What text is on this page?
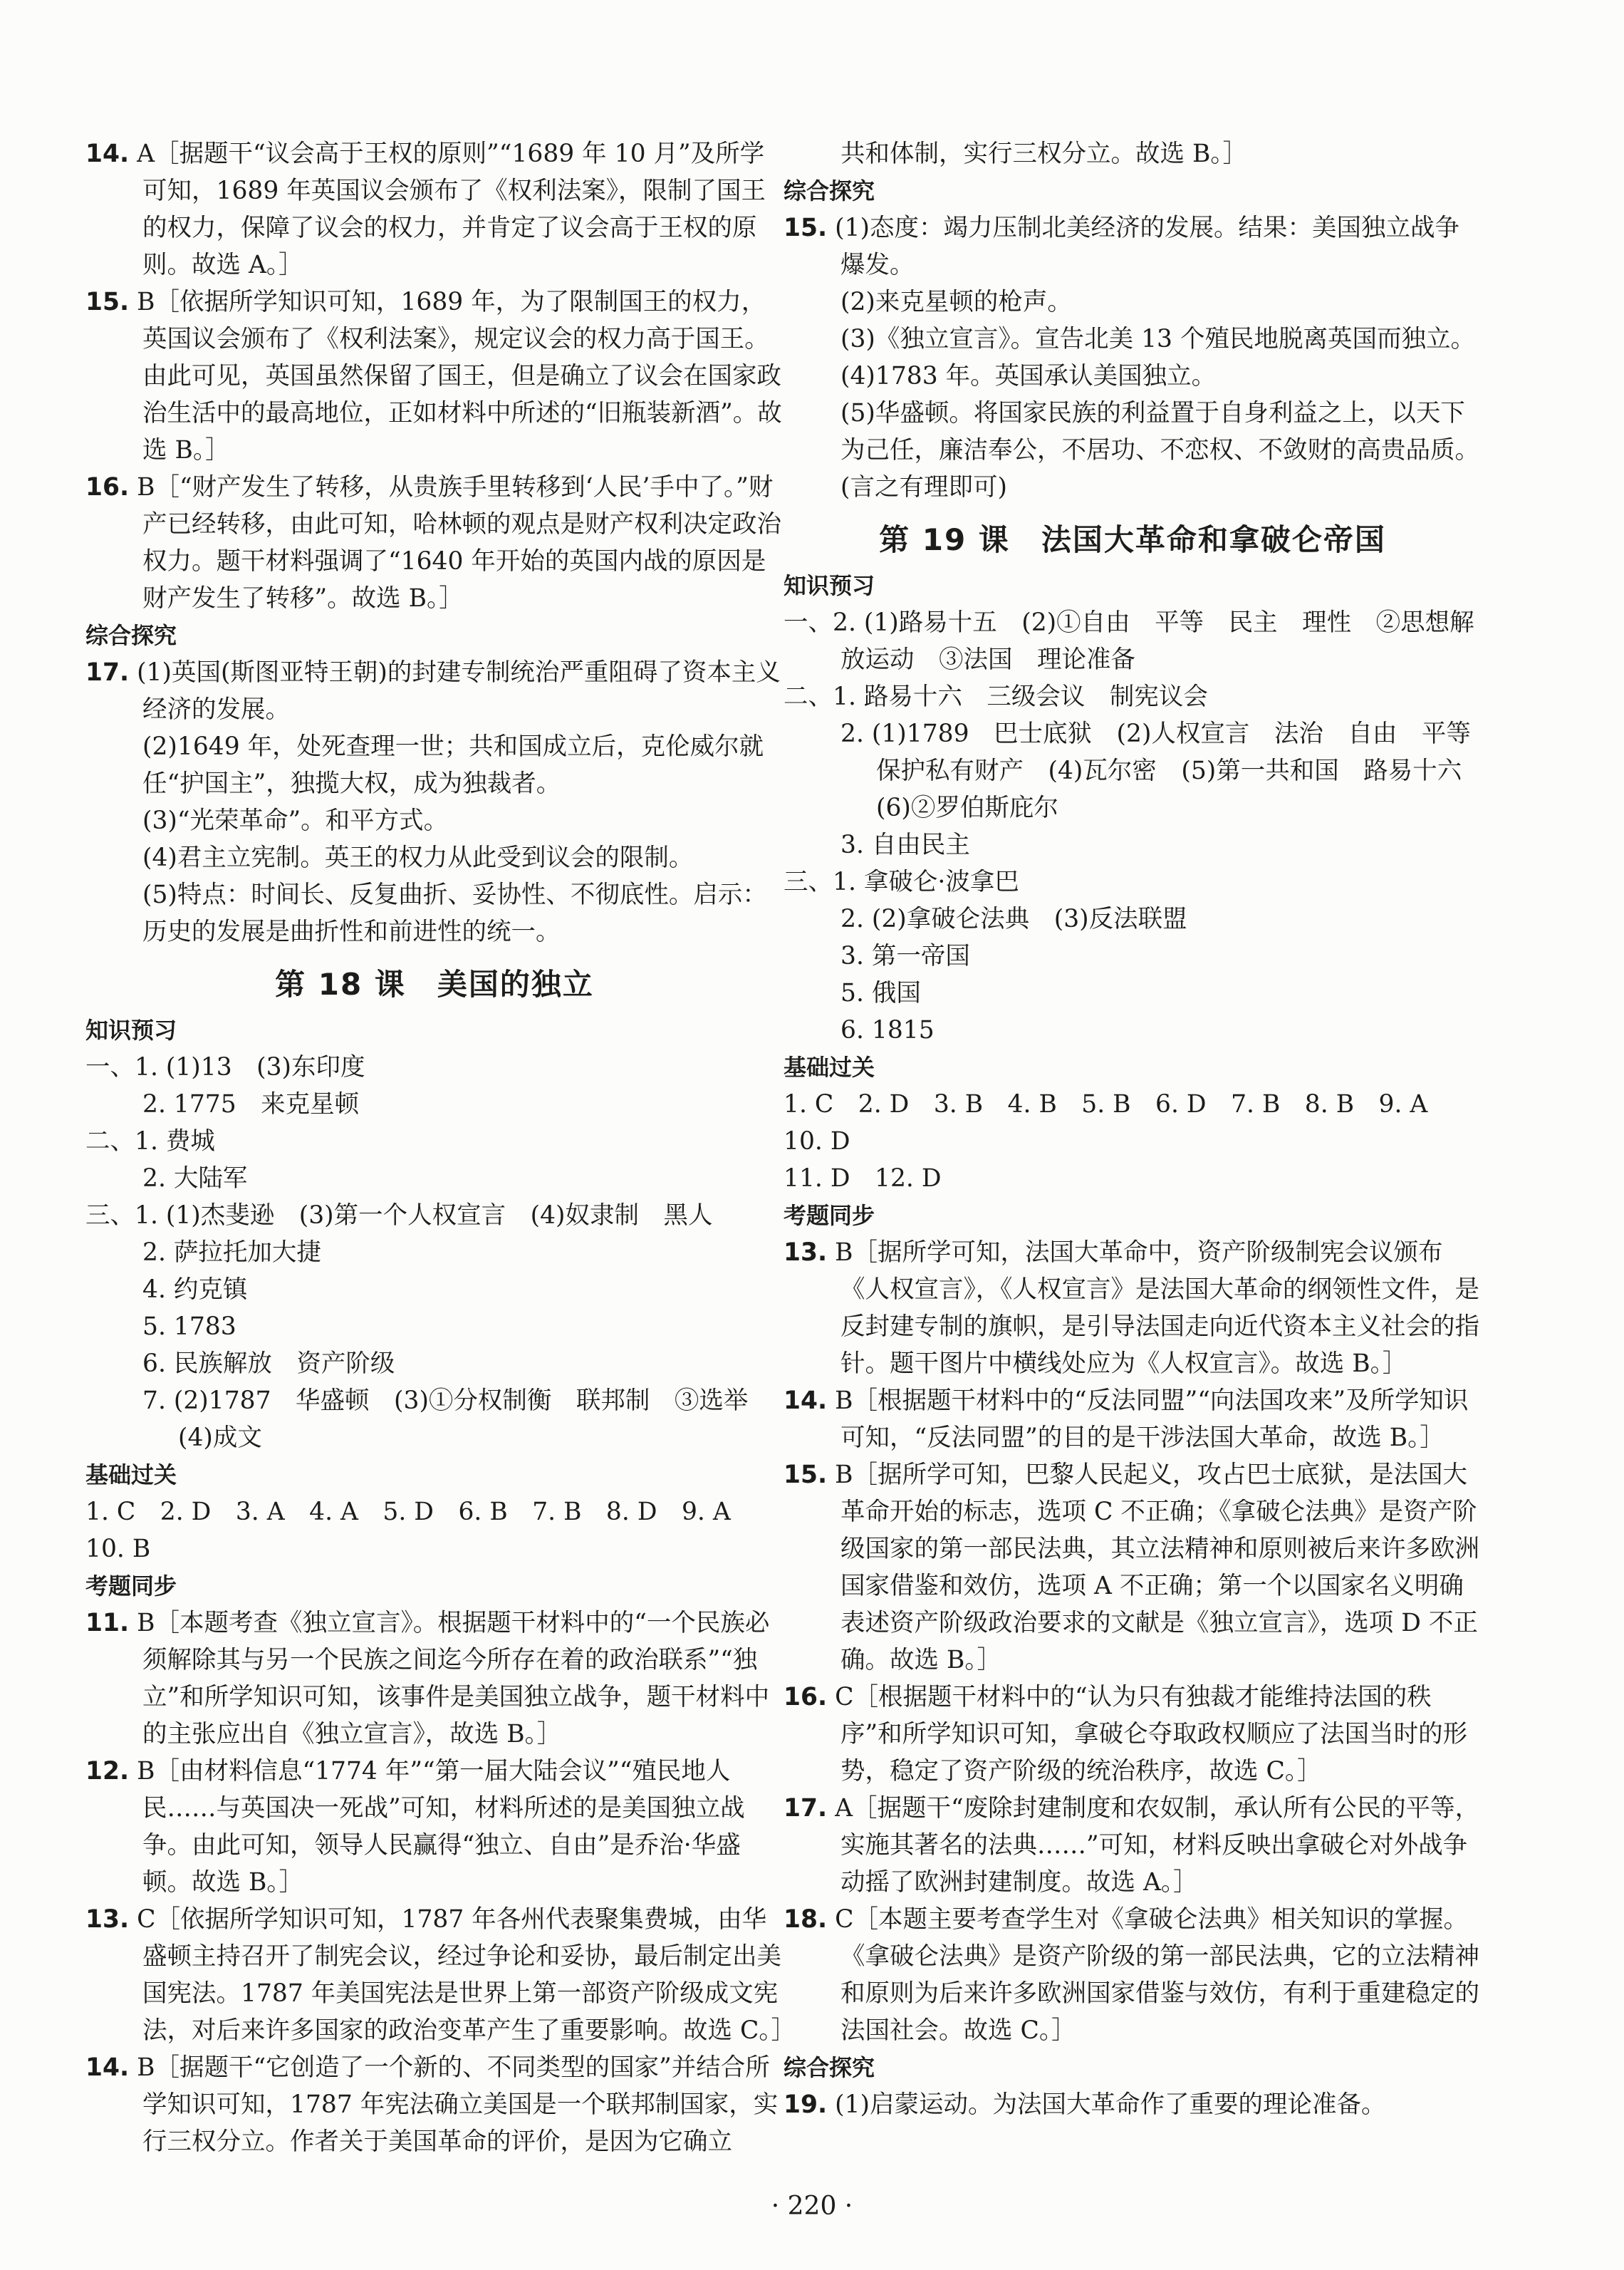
14. A［据题干“议会高于王权的原则”“1689 年 10 月”及所学可知，1689 年英国议会颁布了《权利法案》，限制了国王的权力，保障了议会的权力，并肯定了议会高于王权的原则。故选 A。］

15. B［依据所学知识可知，1689 年，为了限制国王的权力，英国议会颁布了《权利法案》，规定议会的权力高于国王。由此可见，英国虽然保留了国王，但是确立了议会在国家政治生活中的最高地位，正如材料中所述的“旧瓶装新酒”。故选 B。］

16. B［“财产发生了转移，从贵族手里转移到‘人民’手中了。”财产已经转移，由此可知，哈林顿的观点是财产权利决定政治权力。题干材料强调了“1640 年开始的英国内战的原因是财产发生了转移”。故选 B。］

综合探究

17. (1)英国(斯图亚特王朝)的封建专制统治严重阻碍了资本主义经济的发展。

(2)1649 年，处死查理一世；共和国成立后，克伦威尔就任“护国主”，独揽大权，成为独裁者。

(3)“光荣革命”。和平方式。

(4)君主立宪制。英王的权力从此受到议会的限制。

(5)特点：时间长、反复曲折、妥协性、不彻底性。启示：历史的发展是曲折性和前进性的统一。

第 18 课　美国的独立

知识预习

一、1. (1)13　(3)东印度

2. 1775　来克星顿

二、1. 费城

2. 大陆军

三、1. (1)杰斐逊　(3)第一个人权宣言　(4)奴隶制　黑人

2. 萨拉托加大捷

4. 约克镇

5. 1783

6. 民族解放　资产阶级

7. (2)1787　华盛顿　(3)①分权制衡　联邦制　③选举

(4)成文

基础过关

1. C　2. D　3. A　4. A　5. D　6. B　7. B　8. D　9. A　10. B

考题同步

11. B［本题考查《独立宣言》。根据题干材料中的“一个民族必须解除其与另一个民族之间迄今所存在着的政治联系”“独立”和所学知识可知，该事件是美国独立战争，题干材料中的主张应出自《独立宣言》，故选 B。］

12. B［由材料信息“1774 年”“第一届大陆会议”“殖民地人民……与英国决一死战”可知，材料所述的是美国独立战争。由此可知，领导人民赢得“独立、自由”是乔治·华盛顿。故选 B。］

13. C［依据所学知识可知，1787 年各州代表聚集费城，由华盛顿主持召开了制宪会议，经过争论和妥协，最后制定出美国宪法。1787 年美国宪法是世界上第一部资产阶级成文宪法，对后来许多国家的政治变革产生了重要影响。故选 C。］

14. B［据题干“它创造了一个新的、不同类型的国家”并结合所学知识可知，1787 年宪法确立美国是一个联邦制国家，实行三权分立。作者关于美国革命的评价，是因为它确立

共和体制，实行三权分立。故选 B。］

综合探究

15. (1)态度：竭力压制北美经济的发展。结果：美国独立战争爆发。

(2)来克星顿的枪声。

(3)《独立宣言》。宣告北美 13 个殖民地脱离英国而独立。

(4)1783 年。英国承认美国独立。

(5)华盛顿。将国家民族的利益置于自身利益之上，以天下为己任，廉洁奉公，不居功、不恋权、不敛财的高贵品质。(言之有理即可)

第 19 课　法国大革命和拿破仑帝国

知识预习

一、2. (1)路易十五　(2)①自由　平等　民主　理性　②思想解放运动　③法国　理论准备

二、1. 路易十六　三级会议　制宪议会

2. (1)1789　巴士底狱　(2)人权宣言　法治　自由　平等　保护私有财产　(4)瓦尔密　(5)第一共和国　路易十六　(6)②罗伯斯庇尔

3. 自由民主

三、1. 拿破仑·波拿巴

2. (2)拿破仑法典　(3)反法联盟

3. 第一帝国

5. 俄国

6. 1815

基础过关

1. C　2. D　3. B　4. B　5. B　6. D　7. B　8. B　9. A　10. D

11. D　12. D

考题同步

13. B［据所学可知，法国大革命中，资产阶级制宪会议颁布《人权宣言》，《人权宣言》是法国大革命的纲领性文件，是反封建专制的旗帜，是引导法国走向近代资本主义社会的指针。题干图片中横线处应为《人权宣言》。故选 B。］

14. B［根据题干材料中的“反法同盟”“向法国攻来”及所学知识可知，“反法同盟”的目的是干涉法国大革命，故选 B。］

15. B［据所学可知，巴黎人民起义，攻占巴士底狱，是法国大革命开始的标志，选项 C 不正确；《拿破仑法典》是资产阶级国家的第一部民法典，其立法精神和原则被后来许多欧洲国家借鉴和效仿，选项 A 不正确；第一个以国家名义明确表述资产阶级政治要求的文献是《独立宣言》，选项 D 不正确。故选 B。］

16. C［根据题干材料中的“认为只有独裁才能维持法国的秩序”和所学知识可知，拿破仑夺取政权顺应了法国当时的形势，稳定了资产阶级的统治秩序，故选 C。］

17. A［据题干“废除封建制度和农奴制，承认所有公民的平等，实施其著名的法典……”可知，材料反映出拿破仑对外战争动摇了欧洲封建制度。故选 A。］

18. C［本题主要考查学生对《拿破仑法典》相关知识的掌握。《拿破仑法典》是资产阶级的第一部民法典，它的立法精神和原则为后来许多欧洲国家借鉴与效仿，有利于重建稳定的法国社会。故选 C。］

综合探究

19. (1)启蒙运动。为法国大革命作了重要的理论准备。

· 220 ·
